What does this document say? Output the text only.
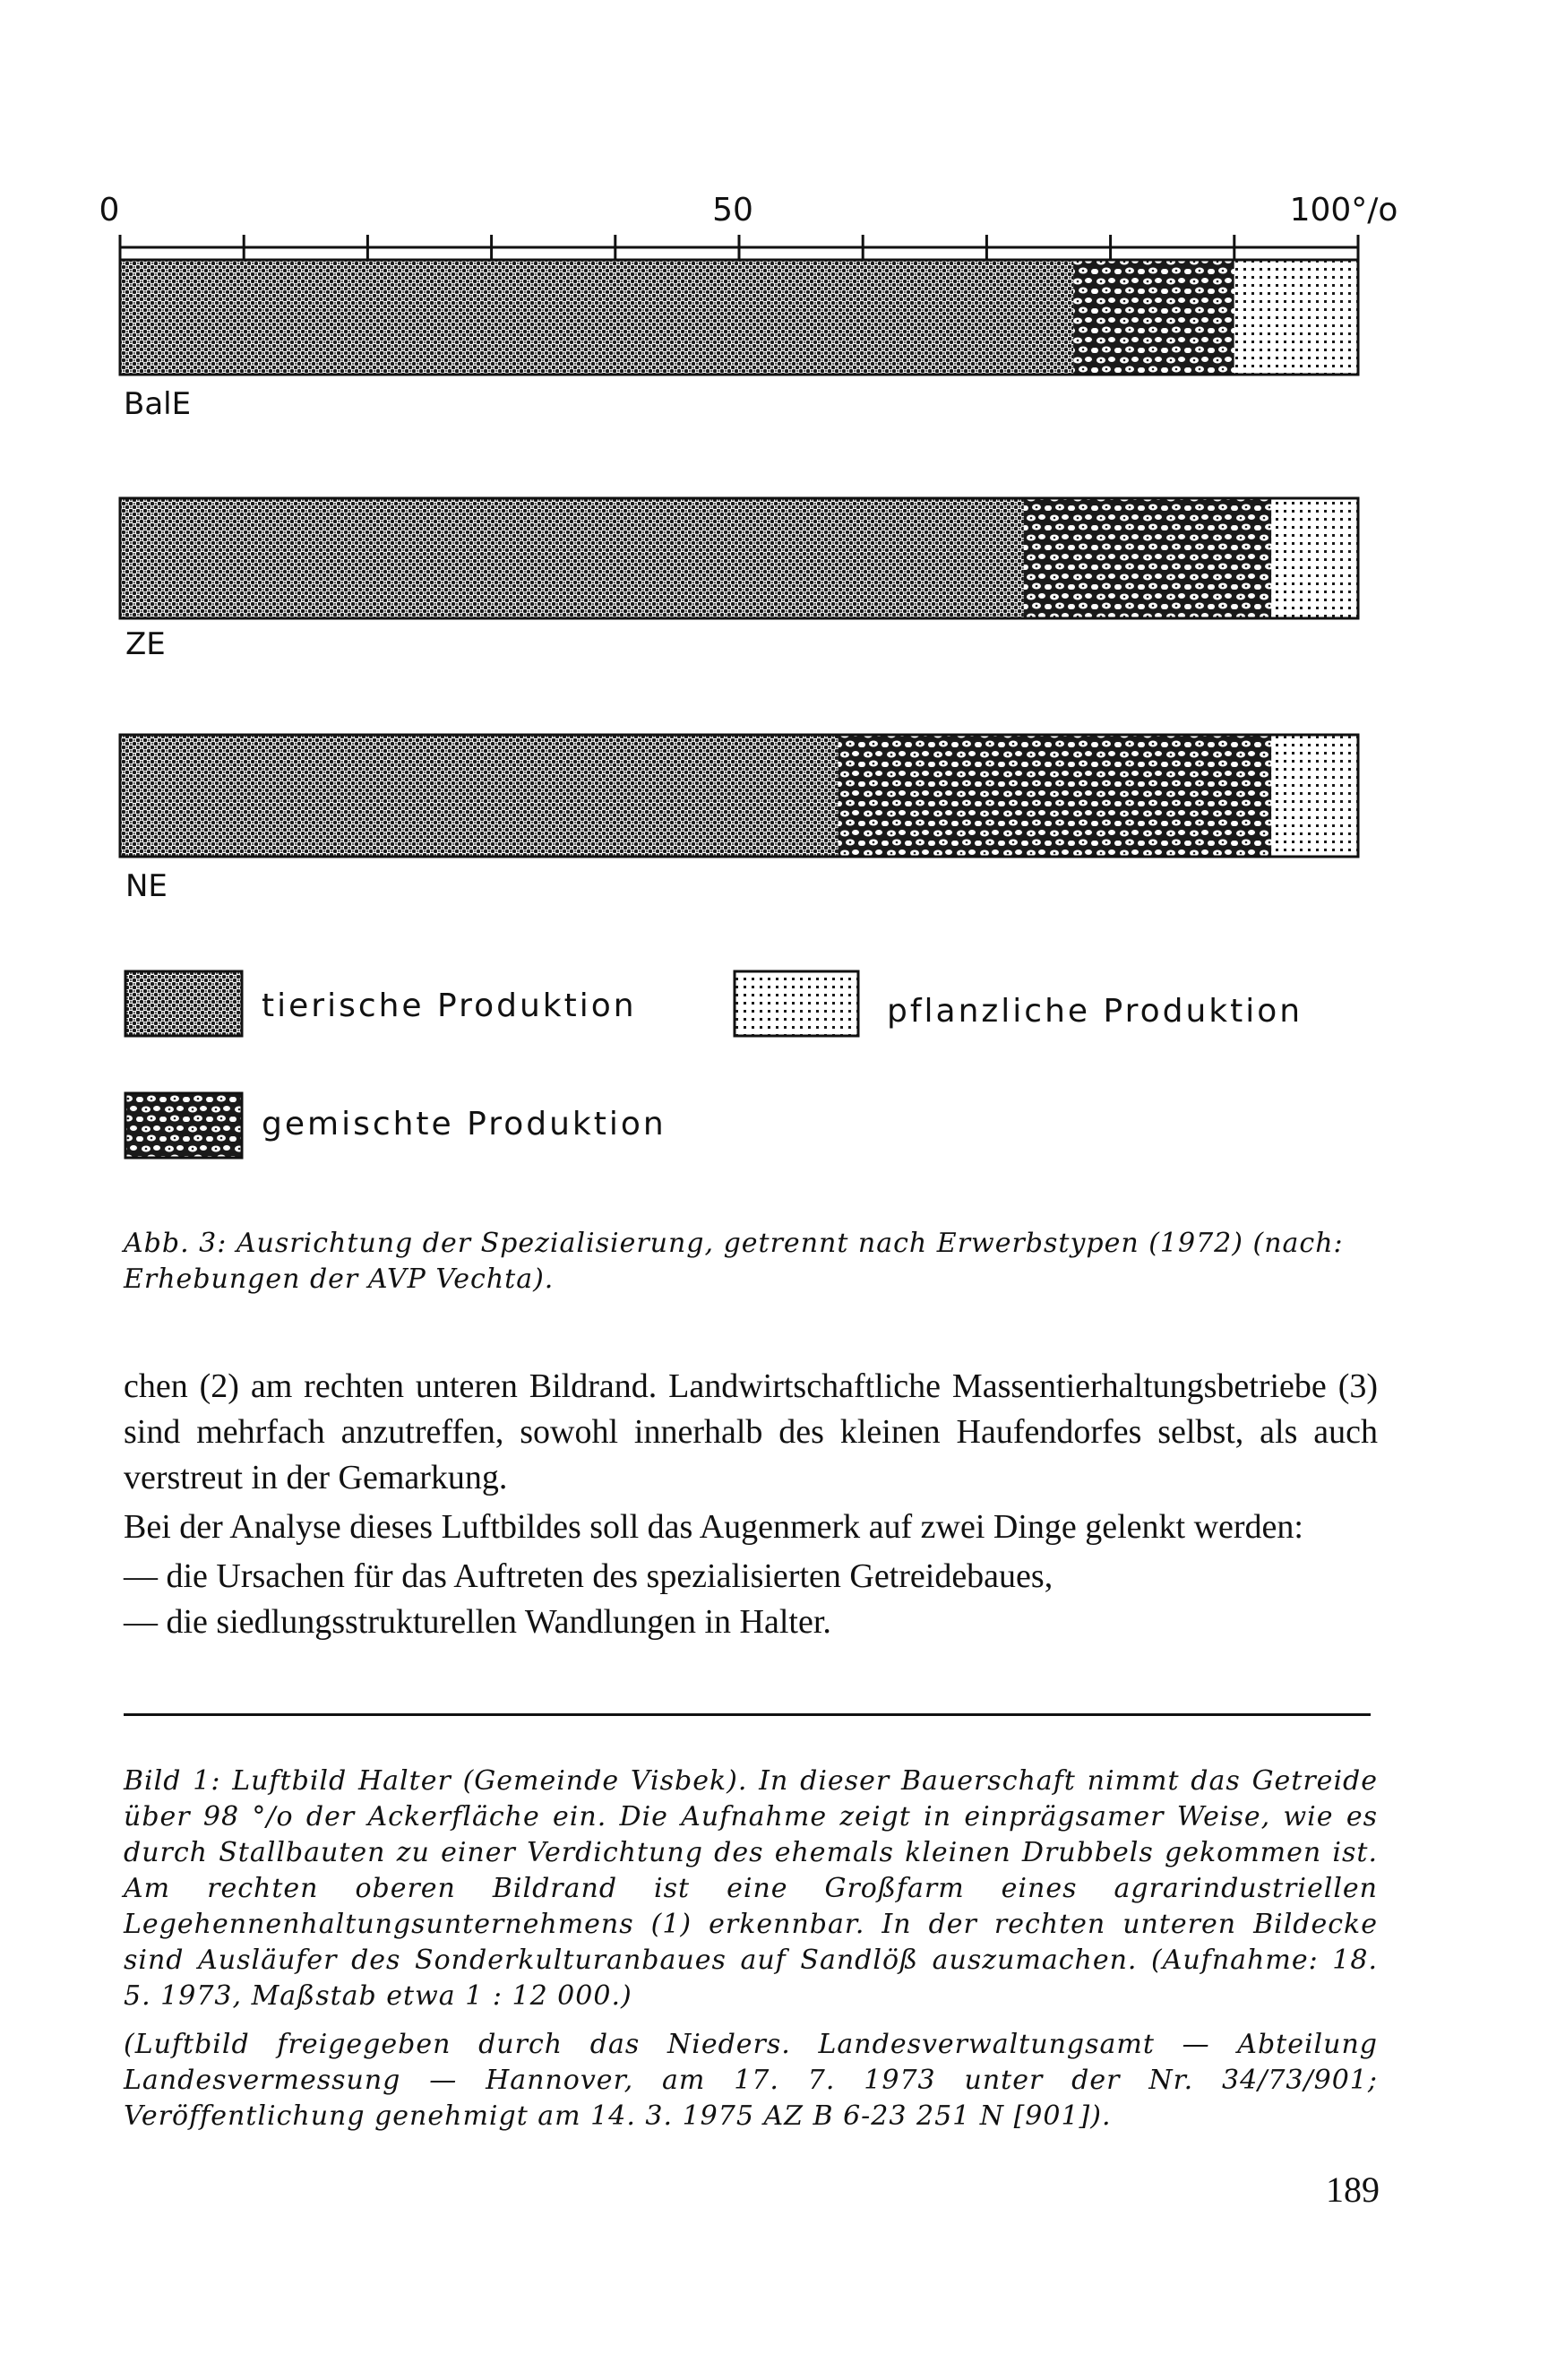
0	50	100°/o
BalE
ZE
NE
tierische Produktion	pflanzliche Produktion
gemischte Produktion

Abb. 3: Ausrichtung der Spezialisierung, getrennt nach Erwerbstypen (1972) (nach: Erhebungen der AVP Vechta).

chen (2) am rechten unteren Bildrand. Landwirtschaftliche Massentierhaltungsbetriebe (3) sind mehrfach anzutreffen, sowohl innerhalb des kleinen Haufendorfes selbst, als auch verstreut in der Gemarkung.

Bei der Analyse dieses Luftbildes soll das Augenmerk auf zwei Dinge gelenkt werden:

— die Ursachen für das Auftreten des spezialisierten Getreidebaues,
— die siedlungsstrukturellen Wandlungen in Halter.

Bild 1: Luftbild Halter (Gemeinde Visbek). In dieser Bauerschaft nimmt das Getreide über 98 °/o der Ackerfläche ein. Die Aufnahme zeigt in einprägsamer Weise, wie es durch Stallbauten zu einer Verdichtung des ehemals kleinen Drubbels gekommen ist. Am rechten oberen Bildrand ist eine Großfarm eines agrarindustriellen Legehennenhaltungsunternehmens (1) erkennbar. In der rechten unteren Bildecke sind Ausläufer des Sonderkulturanbaues auf Sandlöß auszumachen. (Aufnahme: 18. 5. 1973, Maßstab etwa 1 : 12 000.)

(Luftbild freigegeben durch das Nieders. Landesverwaltungsamt — Abteilung Landesvermessung — Hannover, am 17. 7. 1973 unter der Nr. 34/73/901; Veröffentlichung genehmigt am 14. 3. 1975 AZ B 6-23 251 N [901]).

189
